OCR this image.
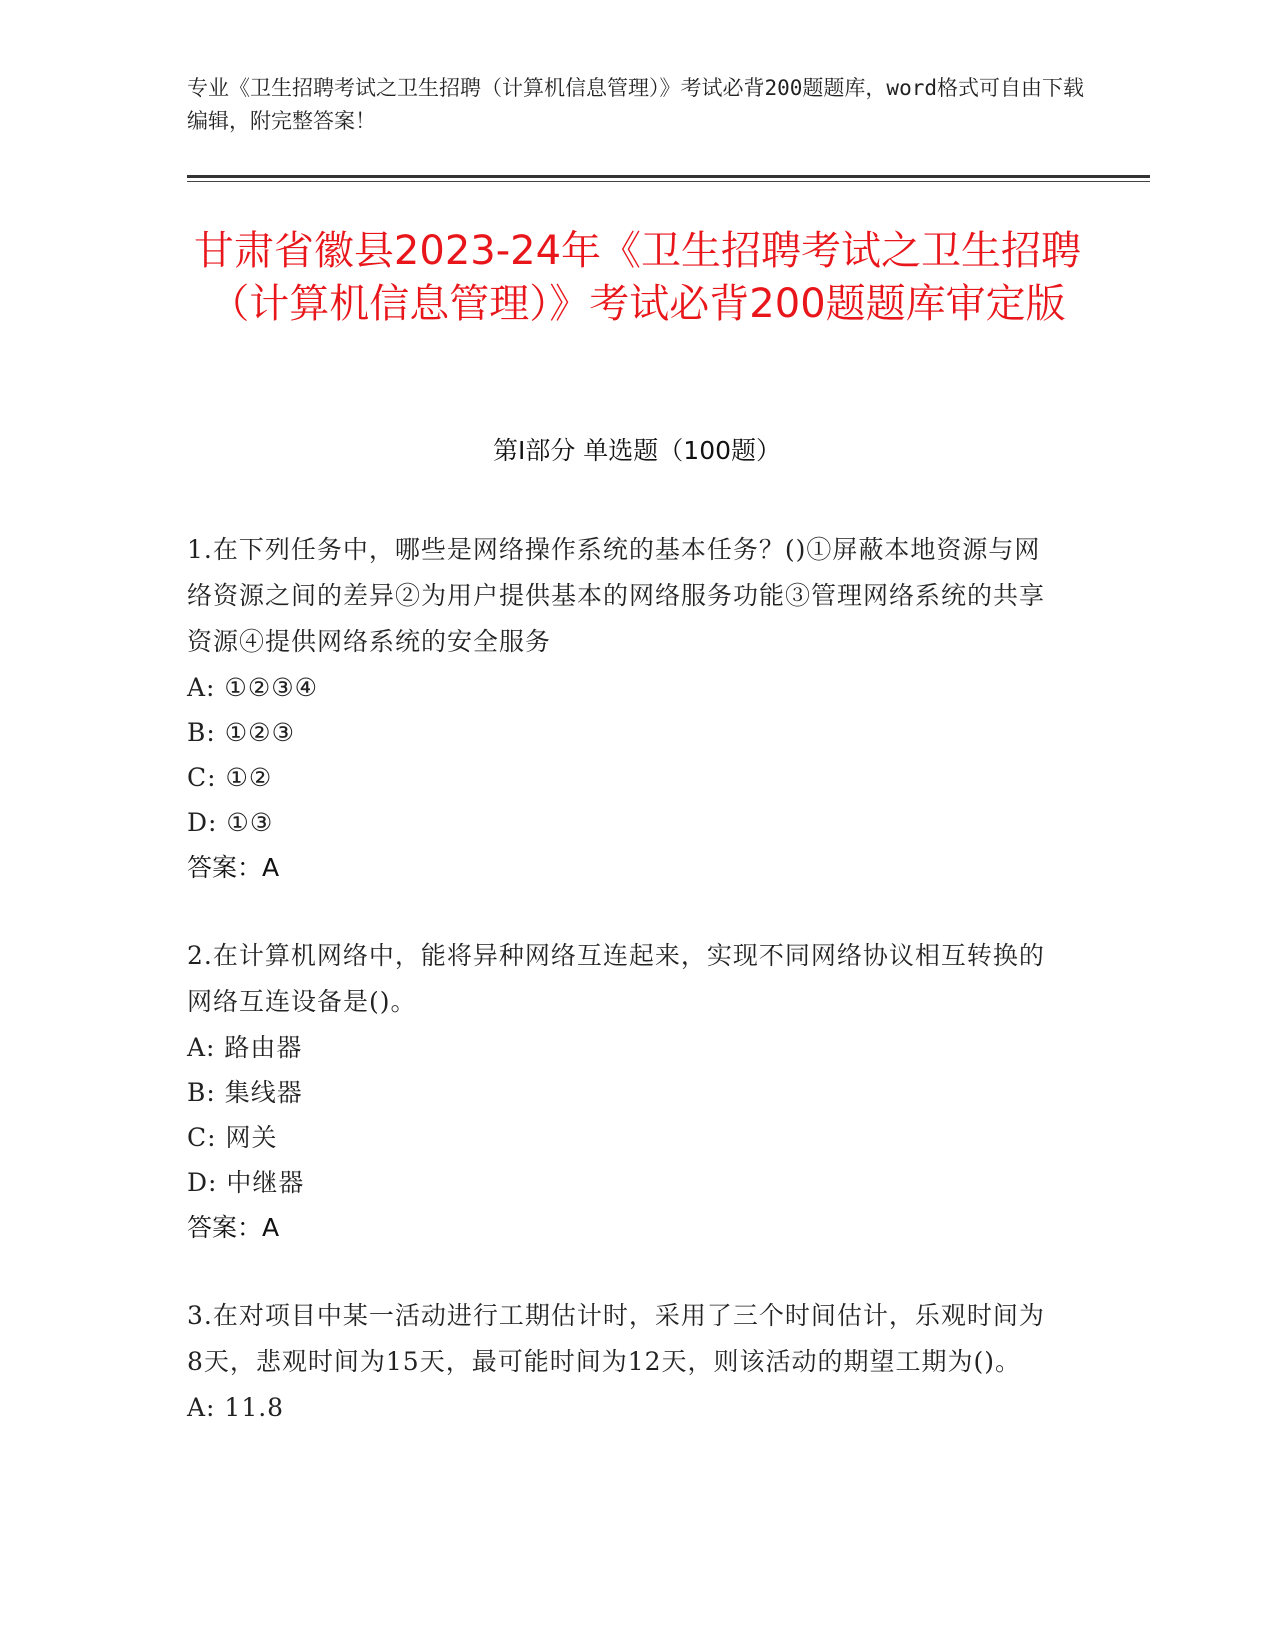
专业《卫生招聘考试之卫生招聘（计算机信息管理）》考试必背200题题库，word格式可自由下载编辑，附完整答案！
甘肃省徽县2023-24年《卫生招聘考试之卫生招聘（计算机信息管理）》考试必背200题题库审定版
第I部分 单选题（100题）
1.在下列任务中，哪些是网络操作系统的基本任务？()①屏蔽本地资源与网络资源之间的差异②为用户提供基本的网络服务功能③管理网络系统的共享资源④提供网络系统的安全服务
A: ①②③④
B: ①②③
C: ①②
D: ①③
答案：A
2.在计算机网络中，能将异种网络互连起来，实现不同网络协议相互转换的网络互连设备是()。
A: 路由器
B: 集线器
C: 网关
D: 中继器
答案：A
3.在对项目中某一活动进行工期估计时，采用了三个时间估计，乐观时间为8天，悲观时间为15天，最可能时间为12天，则该活动的期望工期为()。
A: 11.8
